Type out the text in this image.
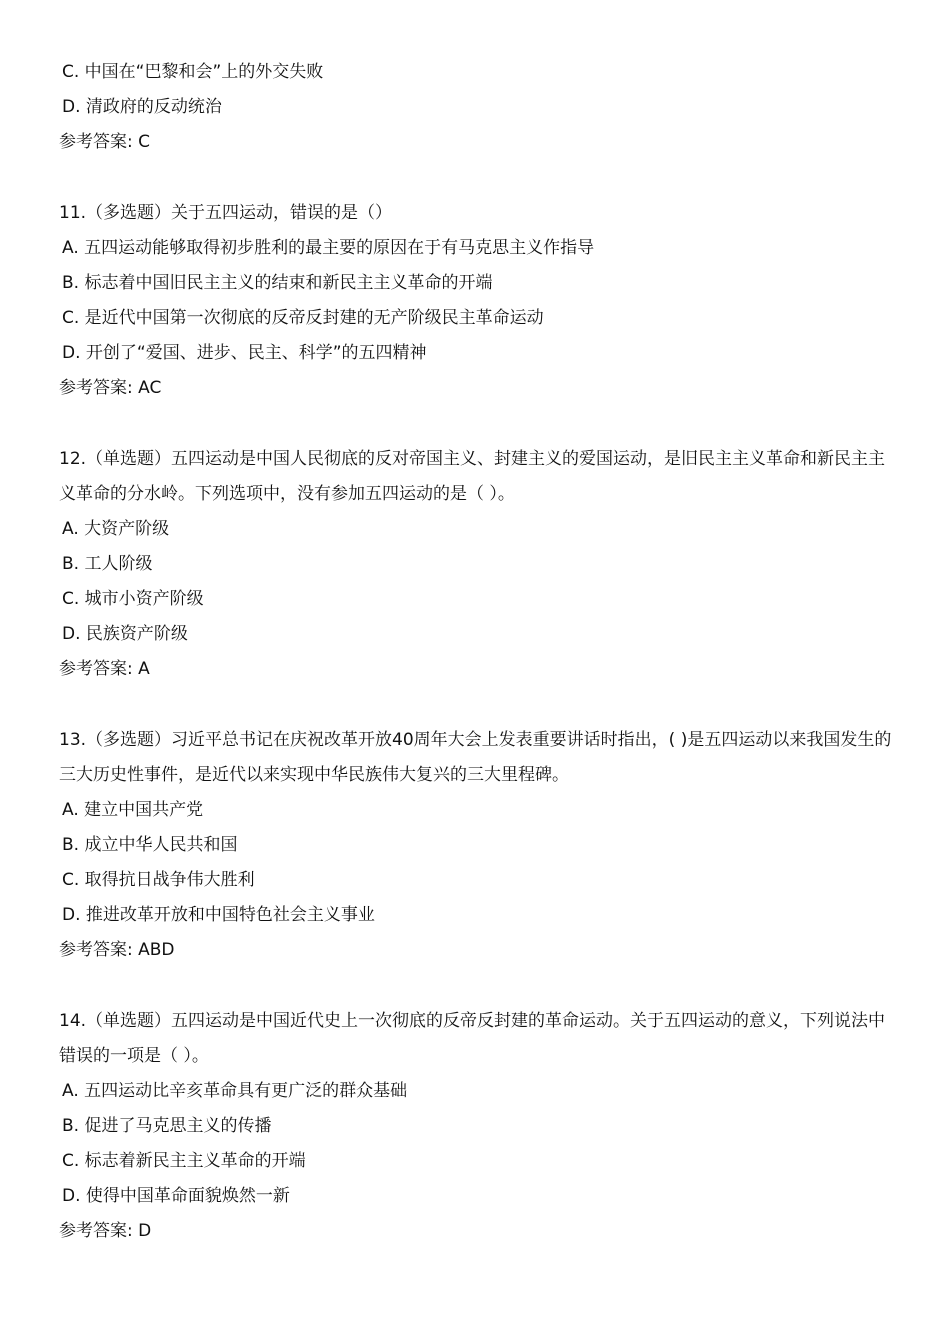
C. 中国在“巴黎和会”上的外交失败
D. 清政府的反动统治
参考答案: C
11.（多选题）关于五四运动，错误的是（）
A. 五四运动能够取得初步胜利的最主要的原因在于有马克思主义作指导
B. 标志着中国旧民主主义的结束和新民主主义革命的开端
C. 是近代中国第一次彻底的反帝反封建的无产阶级民主革命运动
D. 开创了“爱国、进步、民主、科学”的五四精神
参考答案: AC
12.（单选题）五四运动是中国人民彻底的反对帝国主义、封建主义的爱国运动，是旧民主主义革命和新民主主义革命的分水岭。下列选项中，没有参加五四运动的是（ ）。
A. 大资产阶级
B. 工人阶级
C. 城市小资产阶级
D. 民族资产阶级
参考答案: A
13.（多选题）习近平总书记在庆祝改革开放40周年大会上发表重要讲话时指出，( )是五四运动以来我国发生的三大历史性事件，是近代以来实现中华民族伟大复兴的三大里程碑。
A. 建立中国共产党
B. 成立中华人民共和国
C. 取得抗日战争伟大胜利
D. 推进改革开放和中国特色社会主义事业
参考答案: ABD
14.（单选题）五四运动是中国近代史上一次彻底的反帝反封建的革命运动。关于五四运动的意义，下列说法中错误的一项是（ ）。
A. 五四运动比辛亥革命具有更广泛的群众基础
B. 促进了马克思主义的传播
C. 标志着新民主主义革命的开端
D. 使得中国革命面貌焕然一新
参考答案: D
